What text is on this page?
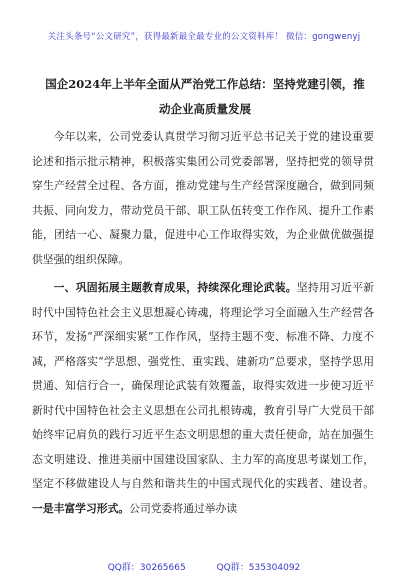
关注头条号“公文研究”，获得最新最全最专业的公文资料库！ 微信：gongwenyj
国企2024年上半年全面从严治党工作总结：坚持党建引领，推动企业高质量发展

今年以来，公司党委认真贯学习彻习近平总书记关于党的建设重要论述和指示批示精神，积极落实集团公司党委部署，坚持把党的领导贯穿生产经营全过程、各方面，推动党建与生产经营深度融合，做到同频共振、同向发力，带动党员干部、职工队伍转变工作作风、提升工作素能，团结一心、凝聚力量，促进中心工作取得实效，为企业做优做强提供坚强的组织保障。

一、巩固拓展主题教育成果，持续深化理论武装。坚持用习近平新时代中国特色社会主义思想凝心铸魂，将理论学习全面融入生产经营各环节，发扬“严深细实紧”工作作风，坚持主题不变、标准不降、力度不减，严格落实“学思想、强党性、重实践、建新功”总要求，坚持学思用贯通、知信行合一，确保理论武装有效覆盖，取得实效进一步使习近平新时代中国特色社会主义思想在公司扎根铸魂，教育引导广大党员干部始终牢记肩负的践行习近平生态文明思想的重大责任使命，站在加强生态文明建设、推进美丽中国建设国家队、主力军的高度思考谋划工作，坚定不移做建设人与自然和谐共生的中国式现代化的实践者、建设者。一是丰富学习形式。公司党委将通过举办读

QQ群：30265665	QQ群：535304092
